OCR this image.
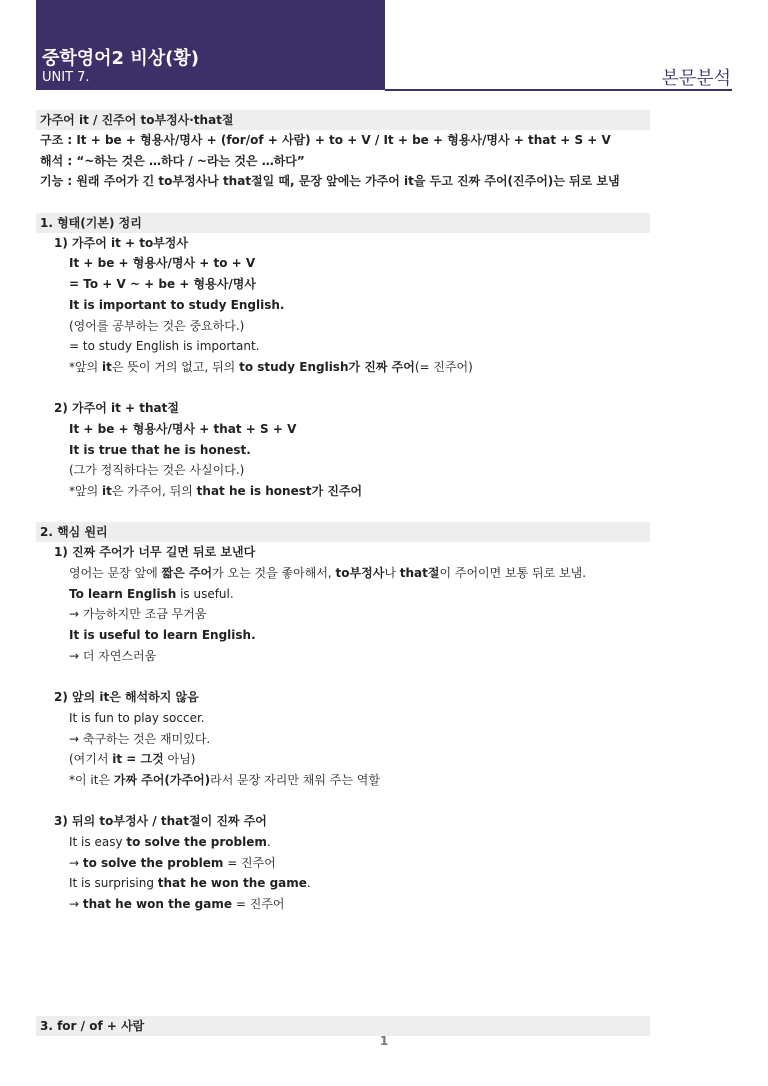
중학영어2 비상(황)
UNIT 7.	본문분석
가주어 it / 진주어 to부정사·that절
구조 : It + be + 형용사/명사 + (for/of + 사람) + to + V / It + be + 형용사/명사 + that + S + V
해석 : “~하는 것은 …하다 / ~라는 것은 …하다”
기능 : 원래 주어가 긴 to부정사나 that절일 때, 문장 앞에는 가주어 it을 두고 진짜 주어(진주어)는 뒤로 보냄
1. 형태(기본) 정리
1) 가주어 it + to부정사
It + be + 형용사/명사 + to + V
= To + V ~ + be + 형용사/명사
It is important to study English.
(영어를 공부하는 것은 중요하다.)
= to study English is important.
*앞의 it은 뜻이 거의 없고, 뒤의 to study English가 진짜 주어(= 진주어)
2) 가주어 it + that절
It + be + 형용사/명사 + that + S + V
It is true that he is honest.
(그가 정직하다는 것은 사실이다.)
*앞의 it은 가주어, 뒤의 that he is honest가 진주어
2. 핵심 원리
1) 진짜 주어가 너무 길면 뒤로 보낸다
영어는 문장 앞에 짧은 주어가 오는 것을 좋아해서, to부정사나 that절이 주어이면 보통 뒤로 보냄.
To learn English is useful.
→ 가능하지만 조금 무거움
It is useful to learn English.
→ 더 자연스러움
2) 앞의 it은 해석하지 않음
It is fun to play soccer.
→ 축구하는 것은 재미있다.
(여기서 it = 그것 아님)
*이 it은 가짜 주어(가주어)라서 문장 자리만 채워 주는 역할
3) 뒤의 to부정사 / that절이 진짜 주어
It is easy to solve the problem.
→ to solve the problem = 진주어
It is surprising that he won the game.
→ that he won the game = 진주어
3. for / of + 사람
1
